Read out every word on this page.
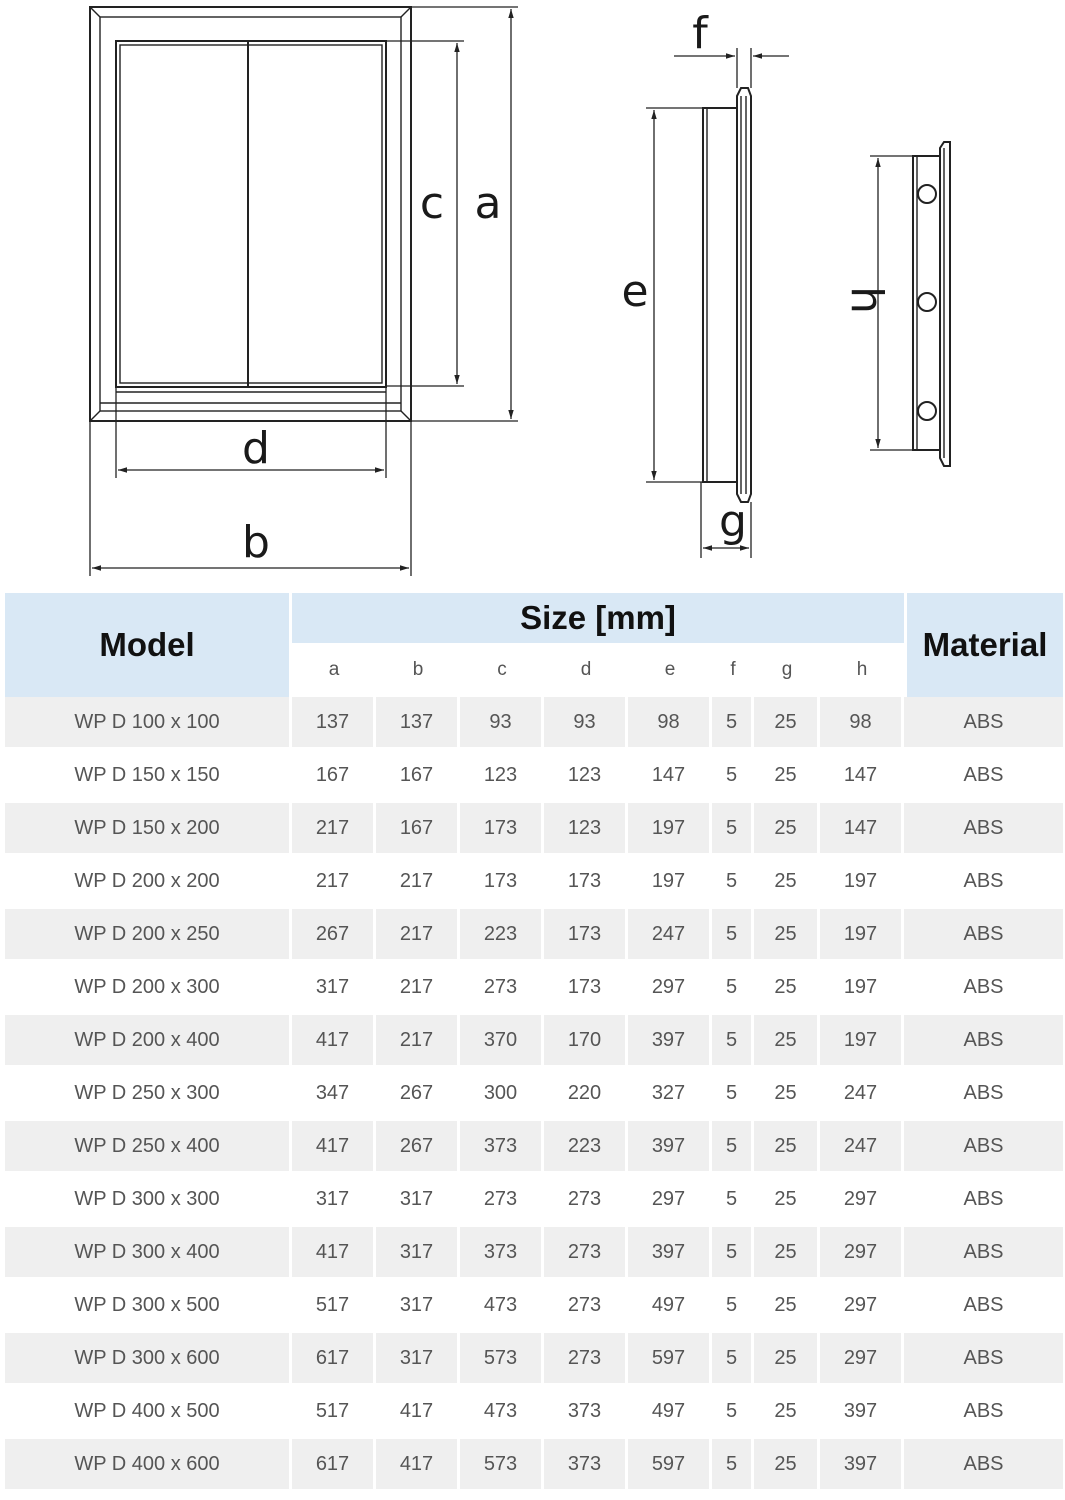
c a
d
b
e
f
g
h
Model	Size [mm]								Material
	a	b	c	d	e	f	g	h	
WP D 100 x 100	137	137	93	93	98	5	25	98	ABS
WP D 150 x 150	167	167	123	123	147	5	25	147	ABS
WP D 150 x 200	217	167	173	123	197	5	25	147	ABS
WP D 200 x 200	217	217	173	173	197	5	25	197	ABS
WP D 200 x 250	267	217	223	173	247	5	25	197	ABS
WP D 200 x 300	317	217	273	173	297	5	25	197	ABS
WP D 200 x 400	417	217	370	170	397	5	25	197	ABS
WP D 250 x 300	347	267	300	220	327	5	25	247	ABS
WP D 250 x 400	417	267	373	223	397	5	25	247	ABS
WP D 300 x 300	317	317	273	273	297	5	25	297	ABS
WP D 300 x 400	417	317	373	273	397	5	25	297	ABS
WP D 300 x 500	517	317	473	273	497	5	25	297	ABS
WP D 300 x 600	617	317	573	273	597	5	25	297	ABS
WP D 400 x 500	517	417	473	373	497	5	25	397	ABS
WP D 400 x 600	617	417	573	373	597	5	25	397	ABS
